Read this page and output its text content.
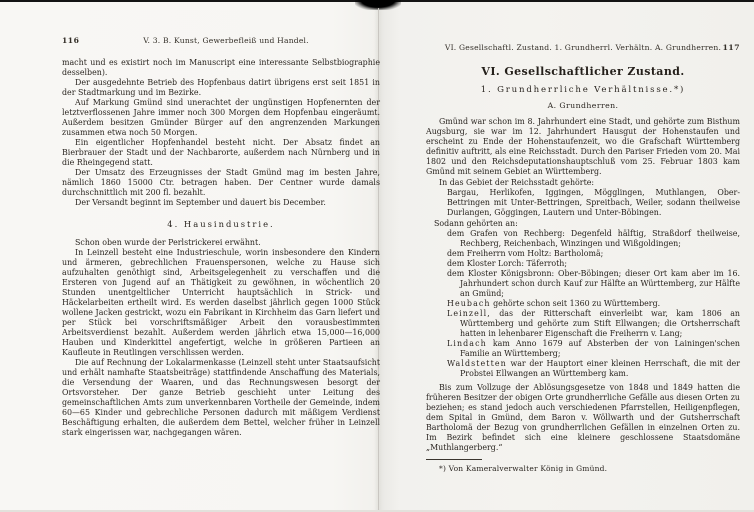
116	V. 3. B. Kunst, Gewerbefleiß und Handel.

macht und es existirt noch im Manuscript eine interessante Selbstbiographie desselben).

Der ausgedehnte Betrieb des Hopfenbaus datirt übrigens erst seit 1851 in der Stadtmarkung und im Bezirke.

Auf Markung Gmünd sind unerachtet der ungünstigen Hopfenernten der letztverflossenen Jahre immer noch 300 Morgen dem Hopfenbau eingeräumt. Außerdem besitzen Gmünder Bürger auf den angrenzenden Markungen zusammen etwa noch 50 Morgen.

Ein eigentlicher Hopfenhandel besteht nicht. Der Absatz findet an Bierbrauer der Stadt und der Nachbarorte, außerdem nach Nürnberg und in die Rheingegend statt.

Der Umsatz des Erzeugnisses der Stadt Gmünd mag im besten Jahre, nämlich 1860 15000 Ctr. betragen haben. Der Centner wurde damals durchschnittlich mit 200 fl. bezahlt.

Der Versandt beginnt im September und dauert bis December.

4. Hausindustrie.

Schon oben wurde der Perlstrickerei erwähnt.

In Leinzell besteht eine Industrieschule, worin insbesondere den Kindern und ärmeren, gebrechlichen Frauenspersonen, welche zu Hause sich aufzuhalten genöthigt sind, Arbeitsgelegenheit zu verschaffen und die Ersteren von Jugend auf an Thätigkeit zu gewöhnen, in wöchentlich 20 Stunden unentgeltlicher Unterricht hauptsächlich in Strick- und Häckelarbeiten ertheilt wird. Es werden daselbst jährlich gegen 1000 Stück wollene Jacken gestrickt, wozu ein Fabrikant in Kirchheim das Garn liefert und per Stück bei vorschriftsmäßiger Arbeit den vorausbestimmten Arbeitsverdienst bezahlt. Außerdem werden jährlich etwa 15,000—16,000 Hauben und Kinderkittel angefertigt, welche in größeren Partieen an Kaufleute in Reutlingen verschlissen werden.

Die auf Rechnung der Lokalarmenkasse (Leinzell steht unter Staatsaufsicht und erhält namhafte Staatsbeiträge) stattfindende Anschaffung des Materials, die Versendung der Waaren, und das Rechnungswesen besorgt der Ortsvorsteher. Der ganze Betrieb geschieht unter Leitung des gemeinschaftlichen Amts zum unverkennbaren Vortheile der Gemeinde, indem 60—65 Kinder und gebrechliche Personen dadurch mit mäßigem Verdienst Beschäftigung erhalten, die außerdem dem Bettel, welcher früher in Leinzell stark eingerissen war, nachgegangen wären.

VI. Gesellschaftl. Zustand. 1. Grundherrl. Verhältn. A. Grundherren. 117
VI. Gesellschaftlicher Zustand.
1. Grundherrliche Verhältnisse.*)
A. Grundherren.

Gmünd war schon im 8. Jahrhundert eine Stadt, und gehörte zum Bisthum Augsburg, sie war im 12. Jahrhundert Hausgut der Hohenstaufen und erscheint zu Ende der Hohenstaufenzeit, wo die Grafschaft Württemberg definitiv auftritt, als eine Reichsstadt. Durch den Pariser Frieden vom 20. Mai 1802 und den Reichsdeputationshauptschluß vom 25. Februar 1803 kam Gmünd mit seinem Gebiet an Württemberg.

In das Gebiet der Reichsstadt gehörte:

Bargau, Herlikofen, Iggingen, Mögglingen, Muthlangen, Ober-Bettringen mit Unter-Bettringen, Spreitbach, Weiler, sodann theilweise Durlangen, Göggingen, Lautern und Unter-Böbingen.

Sodann gehörten an:

dem Grafen von Rechberg: Degenfeld hälftig, Straßdorf theilweise, Rechberg, Reichenbach, Winzingen und Wißgoldingen;
dem Freiherrn vom Holtz: Bartholomä;
dem Kloster Lorch: Täferroth;
dem Kloster Königsbronn: Ober-Böbingen; dieser Ort kam aber im 16. Jahrhundert schon durch Kauf zur Hälfte an Württemberg, zur Hälfte an Gmünd;
Heubach gehörte schon seit 1360 zu Württemberg.
Leinzell, das der Ritterschaft einverleibt war, kam 1806 an Württemberg und gehörte zum Stift Ellwangen; die Ortsherrschaft hatten in lehenbarer Eigenschaft die Freiherrn v. Lang;
Lindach kam Anno 1679 auf Absterben der von Lainingen'schen Familie an Württemberg;
Waldstetten war der Hauptort einer kleinen Herrschaft, die mit der Probstei Ellwangen an Württemberg kam.

Bis zum Vollzuge der Ablösungsgesetze von 1848 und 1849 hatten die früheren Besitzer der obigen Orte grundherrliche Gefälle aus diesen Orten zu beziehen; es stand jedoch auch verschiedenen Pfarrstellen, Heiligenpflegen, dem Spital in Gmünd, dem Baron v. Wöllwarth und der Gutsherrschaft Bartholomä der Bezug von grundherrlichen Gefällen in einzelnen Orten zu. Im Bezirk befindet sich eine kleinere geschlossene Staatsdomäne „Muthlangerberg.“

*) Von Kameralverwalter König in Gmünd.
